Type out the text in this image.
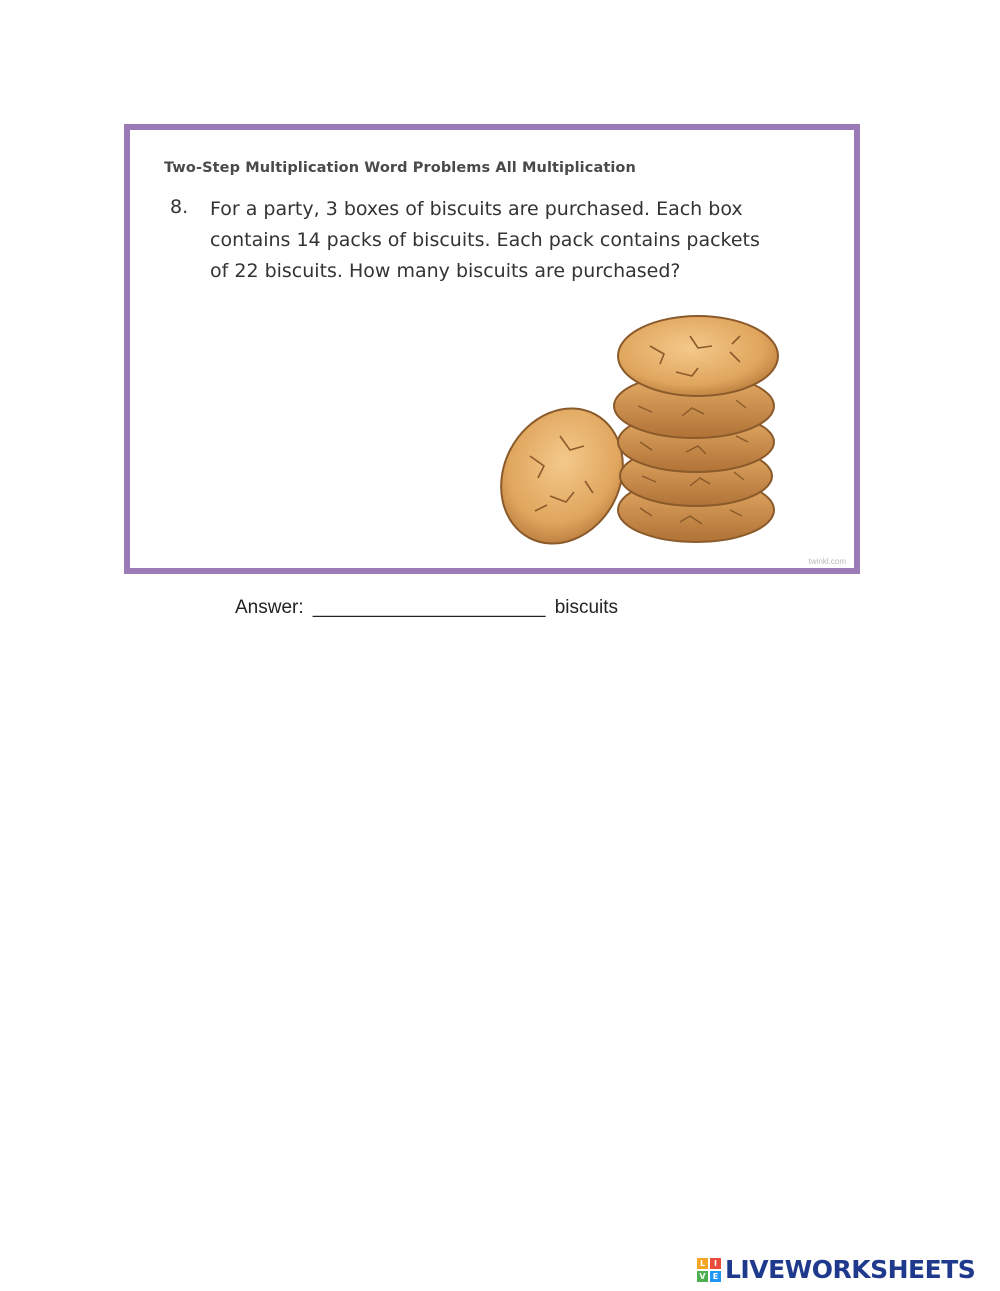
Two-Step Multiplication Word Problems All Multiplication
8. For a party, 3 boxes of biscuits are purchased. Each box
contains 14 packs of biscuits. Each pack contains packets
of 22 biscuits. How many biscuits are purchased?
twinkl.com
Answer: ______________________ biscuits
L	I
V E LIVEWORKSHEETS
